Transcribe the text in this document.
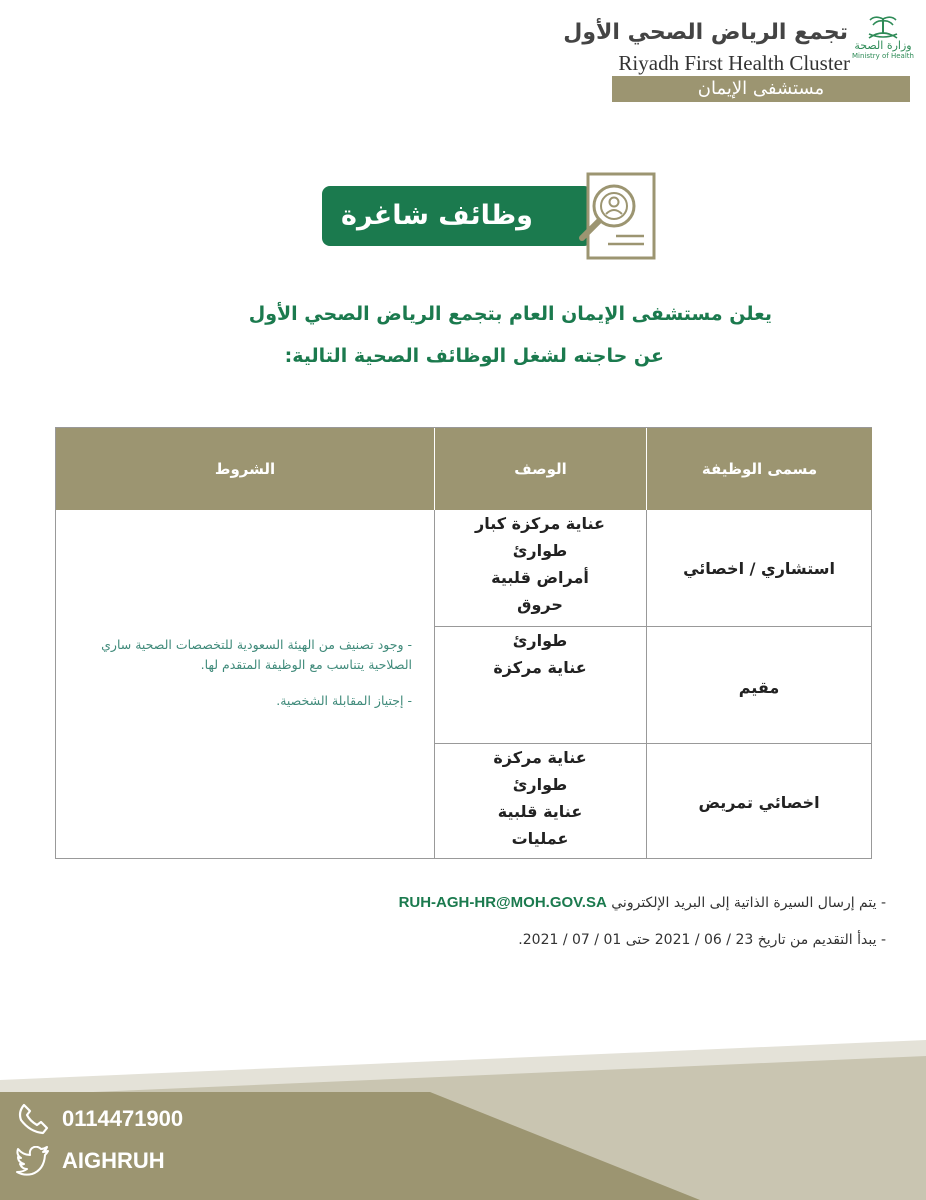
تجمع الرياض الصحي الأول
Riyadh First Health Cluster
وزارة الصحة
Ministry of Health
مستشفى الإيمان
وظائف شاغرة
يعلن مستشفى الإيمان العام بتجمع الرياض الصحي الأول
عن حاجته لشغل الوظائف الصحية التالية:
مسمى الوظيفة
الوصف
الشروط
استشاري / اخصائي
عناية مركزة كبار
طوارئ
أمراض قلبية
حروق
مقيم
طوارئ
عناية مركزة
اخصائي تمريض
عناية مركزة
طوارئ
عناية قلبية
عمليات

- وجود تصنيف من الهيئة السعودية للتخصصات الصحية ساري الصلاحية يتناسب مع الوظيفة المتقدم لها.

- إجتياز المقابلة الشخصية.

- يتم إرسال السيرة الذاتية إلى البريد الإلكتروني RUH-AGH-HR@MOH.GOV.SA
- يبدأ التقديم من تاريخ 23 / 06 / 2021 حتى 01 / 07 / 2021.
0114471900
AIGHRUH
